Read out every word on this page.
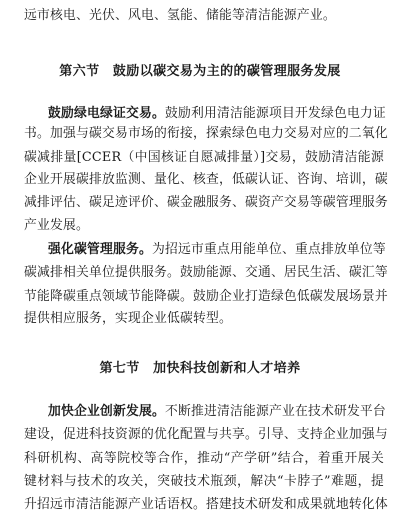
远市核电、光伏、风电、氢能、储能等清洁能源产业。
第六节　鼓励以碳交易为主的的碳管理服务发展
鼓励绿电绿证交易。鼓励利用清洁能源项目开发绿色电力证
书。加强与碳交易市场的衔接，探索绿色电力交易对应的二氧化
碳减排量[CCER（中国核证自愿减排量）]交易，鼓励清洁能源
企业开展碳排放监测、量化、核查，低碳认证、咨询、培训，碳
减排评估、碳足迹评价、碳金融服务、碳资产交易等碳管理服务
产业发展。
强化碳管理服务。为招远市重点用能单位、重点排放单位等
碳减排相关单位提供服务。鼓励能源、交通、居民生活、碳汇等
节能降碳重点领域节能降碳。鼓励企业打造绿色低碳发展场景并
提供相应服务，实现企业低碳转型。
第七节　加快科技创新和人才培养
加快企业创新发展。不断推进清洁能源产业在技术研发平台
建设，促进科技资源的优化配置与共享。引导、支持企业加强与
科研机构、高等院校等合作，推动“产学研”结合，着重开展关
键材料与技术的攻关，突破技术瓶颈，解决“卡脖子”难题，提
升招远市清洁能源产业话语权。搭建技术研发和成果就地转化体
